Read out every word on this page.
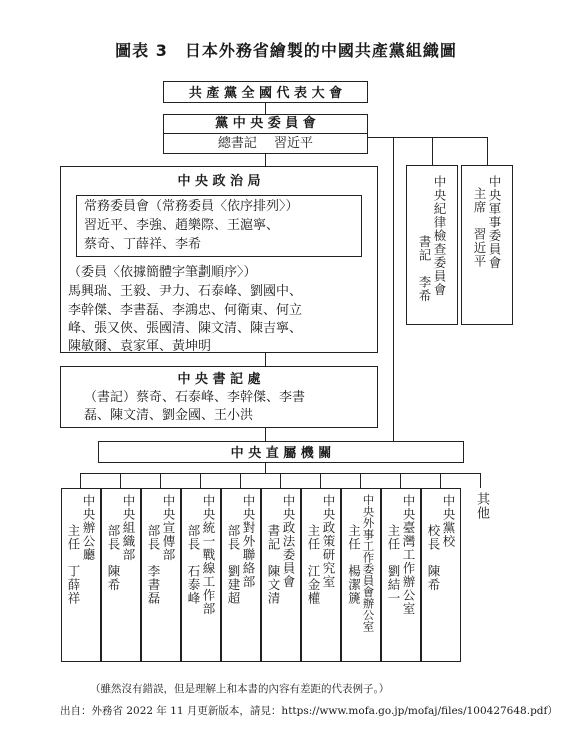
圖表 3　日本外務省繪製的中國共產黨組織圖
共 產 黨 全 國 代 表 大 會
黨 中 央 委 員 會
總書記　 習近平
中 央 政 治 局
常務委員會（常務委員〈依序排列〉）
習近平、李強、趙樂際、王滬寧、
蔡奇、丁薛祥、李希
（委員〈依據簡體字筆劃順序〉）
馬興瑞、王毅、尹力、石泰峰、劉國中、
李幹傑、李書磊、李鴻忠、何衛東、何立
峰、張又俠、張國清、陳文清、陳吉寧、
陳敏爾、袁家軍、黃坤明
中 央 書 記 處
（書記）蔡奇、石泰峰、李幹傑、李書
磊、陳文清、劉金國、王小洪
中央紀律檢查委員會
書記　李希	中央軍事委員會
主席　習近平
中 央 直 屬 機 關
中央辦公廳
主任　丁薛祥	中央組織部
部長　陳希	中央宣傳部
部長　李書磊	中央統一戰線工作部
部長　石泰峰	中央對外聯絡部
部長　劉建超	中央政法委員會
書記　陳文清	中央政策研究室
主任　江金權	中央外事工作委員會辦公室
主任　楊潔篪	中央臺灣工作辦公室
主任　劉結一
中央黨校
校長　陳希
其他
（雖然沒有錯誤，但是理解上和本書的內容有差距的代表例子。）
出自：外務省 2022 年 11 月更新版本，請見：https://www.mofa.go.jp/mofaj/files/100427648.pdf）
